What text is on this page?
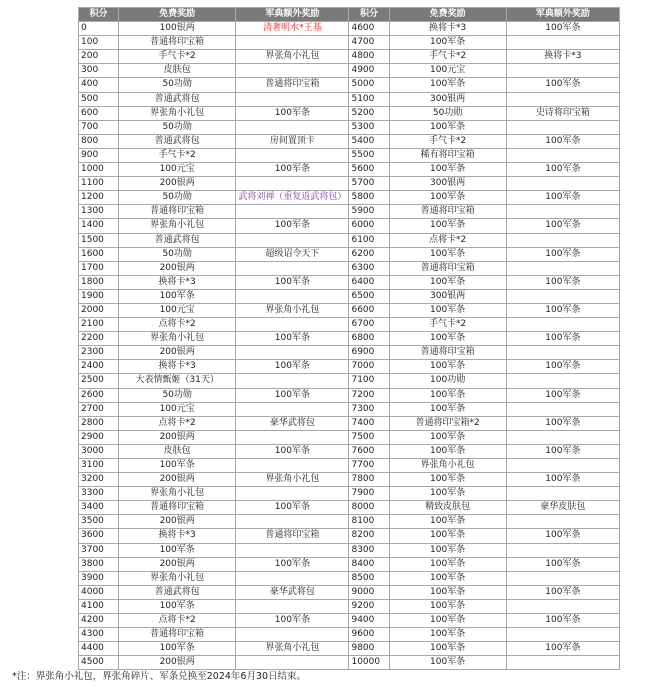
积分	免费奖励	军典额外奖励	积分	免费奖励	军典额外奖励
0	100银两	清奢明水*王基	4600	换将卡*3	100军条
100	普通将印宝箱		4700	100军条	
200	手气卡*2	界张角小礼包	4800	手气卡*2	换将卡*3
300	皮肤包		4900	100元宝	
400	50功勋	普通将印宝箱	5000	100军条	100军条
500	普通武将包		5100	300银两	
600	界张角小礼包	100军条	5200	50功勋	史诗将印宝箱
700	50功勋		5300	100军条	
800	普通武将包	房间置顶卡	5400	手气卡*2	100军条
900	手气卡*2		5500	稀有将印宝箱	
1000	100元宝	100军条	5600	100军条	100军条
1100	200银两		5700	300银两	
1200	50功勋	武将刘禅（重复返武将包）	5800	100军条	100军条
1300	普通将印宝箱		5900	普通将印宝箱	
1400	界张角小礼包	100军条	6000	100军条	100军条
1500	普通武将包		6100	点将卡*2	
1600	50功勋	超级诏令天下	6200	100军条	100军条
1700	200银两		6300	普通将印宝箱	
1800	换将卡*3	100军条	6400	100军条	100军条
1900	100军条		6500	300银两	
2000	100元宝	界张角小礼包	6600	100军条	100军条
2100	点将卡*2		6700	手气卡*2	
2200	界张角小礼包	100军条	6800	100军条	100军条
2300	200银两		6900	普通将印宝箱	
2400	换将卡*3	100军条	7000	100军条	100军条
2500	大表情甄姬（31天）		7100	100功勋	
2600	50功勋	100军条	7200	100军条	100军条
2700	100元宝		7300	100军条	
2800	点将卡*2	豪华武将包	7400	普通将印宝箱*2	100军条
2900	200银两		7500	100军条	
3000	皮肤包	100军条	7600	100军条	100军条
3100	100军条		7700	界张角小礼包	
3200	200银两	界张角小礼包	7800	100军条	100军条
3300	界张角小礼包		7900	100军条	
3400	普通将印宝箱	100军条	8000	精致皮肤包	豪华皮肤包
3500	200银两		8100	100军条	
3600	换将卡*3	普通将印宝箱	8200	100军条	100军条
3700	100军条		8300	100军条	
3800	200银两	100军条	8400	100军条	100军条
3900	界张角小礼包		8500	100军条	
4000	普通武将包	豪华武将包	9000	100军条	100军条
4100	100军条		9200	100军条	
4200	点将卡*2	100军条	9400	100军条	100军条
4300	普通将印宝箱		9600	100军条	
4400	100军条	界张角小礼包	9800	100军条	100军条
4500	200银两		10000	100军条	
*注：界张角小礼包，界张角碎片、军条兑换至2024年6月30日结束。
